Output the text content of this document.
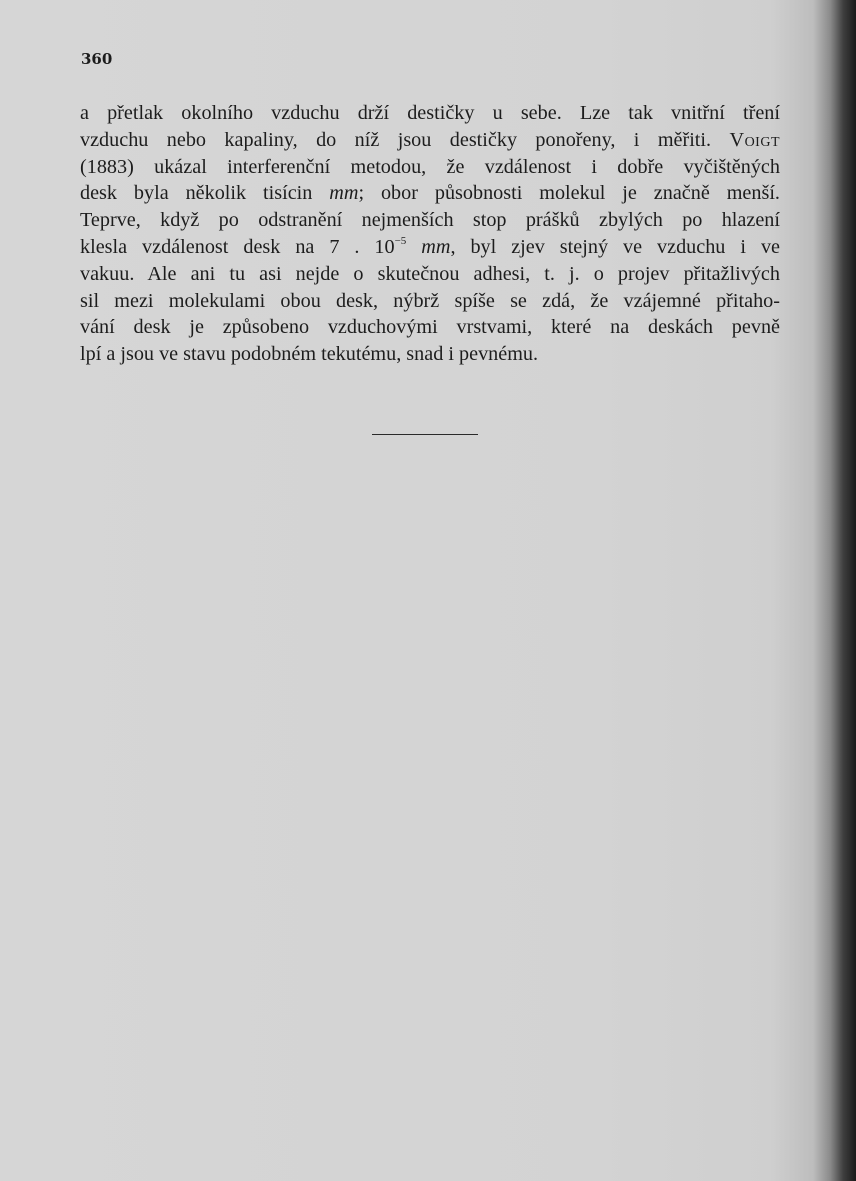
360
a přetlak okolního vzduchu drží destičky u sebe. Lze tak vnitřní tření
vzduchu nebo kapaliny, do níž jsou destičky ponořeny, i měřiti. Voigt
(1883) ukázal interferenční metodou, že vzdálenost i dobře vyčištěných
desk byla několik tisícin mm; obor působnosti molekul je značně menší.
Teprve, když po odstranění nejmenších stop prášků zbylých po hlazení
klesla vzdálenost desk na 7 . $10^{-5}$ mm, byl zjev stejný ve vzduchu i ve
vakuu. Ale ani tu asi nejde o skutečnou adhesi, t. j. o projev přitažlivých
sil mezi molekulami obou desk, nýbrž spíše se zdá, že vzájemné přitaho-
vání desk je způsobeno vzduchovými vrstvami, které na deskách pevně
lpí a jsou ve stavu podobném tekutému, snad i pevnému.
